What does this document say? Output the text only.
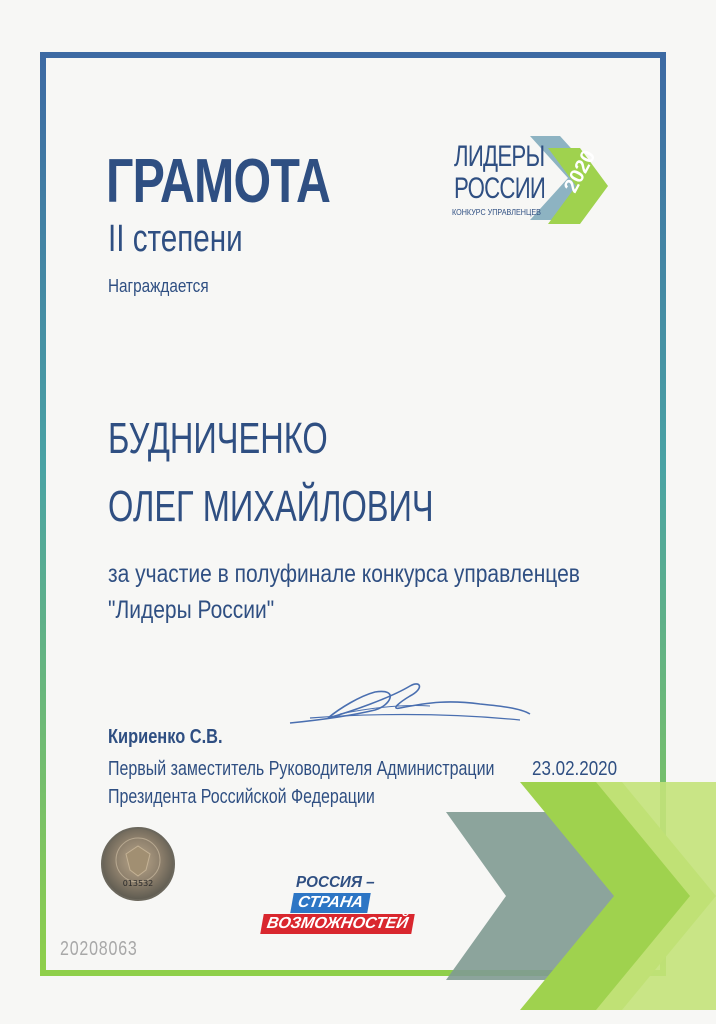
ГРАМОТА
II степени
Награждается
БУДНИЧЕНКО
ОЛЕГ МИХАЙЛОВИЧ
за участие в полуфинале конкурса управленцев
"Лидеры России"
Кириенко С.В.
Первый заместитель Руководителя Администрации
Президента Российской Федерации
23.02.2020
013532
20208063
ЛИДЕРЫ
РОССИИ
КОНКУРС УПРАВЛЕНЦЕВ
2020
РОССИЯ –
СТРАНА
ВОЗМОЖНОСТЕЙ
